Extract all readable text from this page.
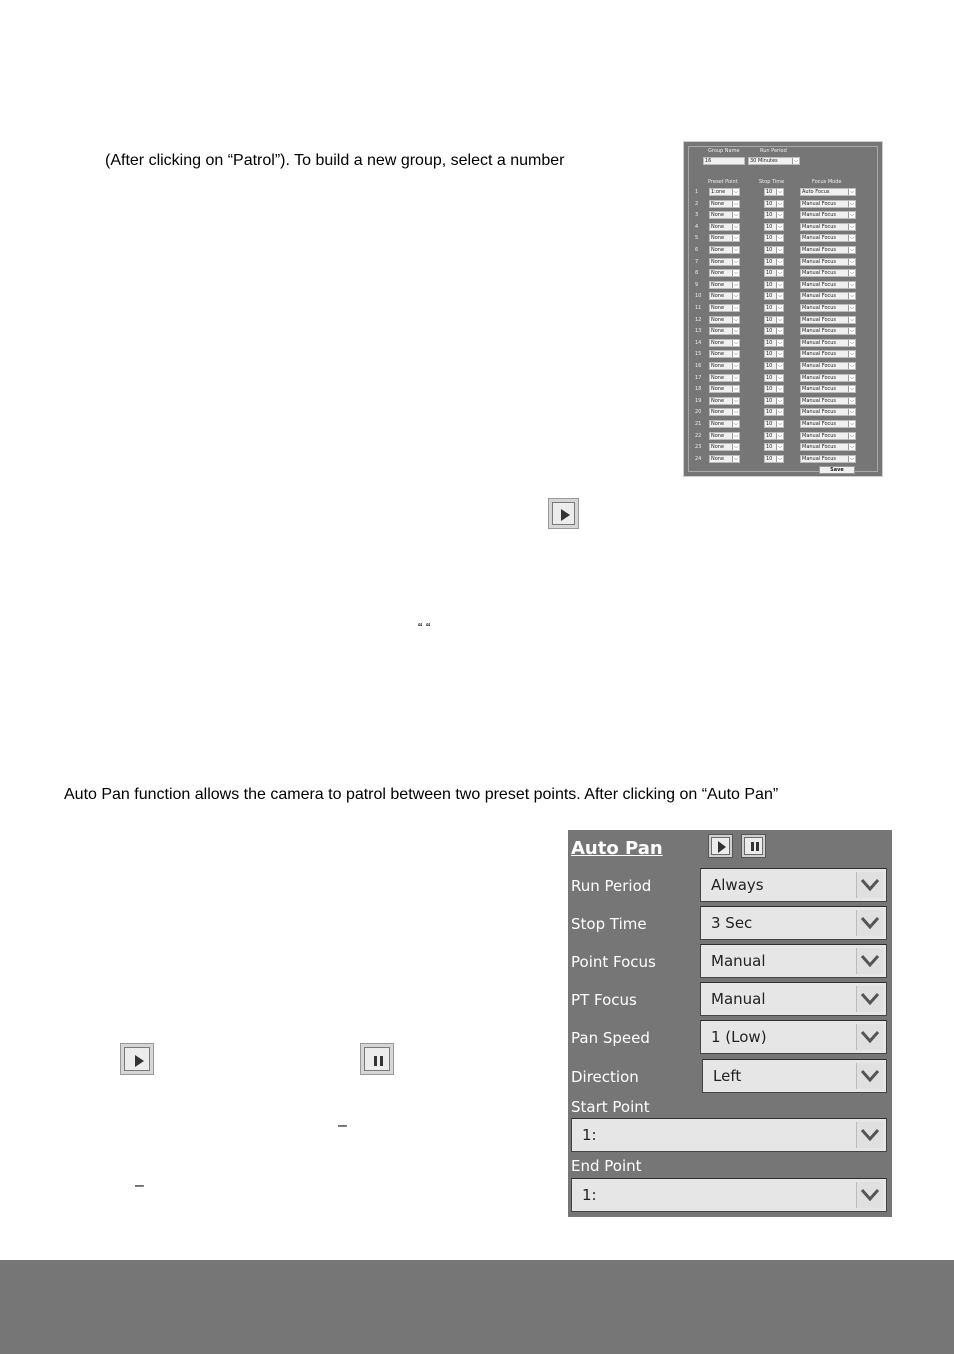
(After clicking on “Patrol”). To build a new group, select a number
“ “
Auto Pan function allows the camera to patrol between two preset points. After clicking on “Auto Pan”
–
–
Group Name	Run Period
16	30 Minutes	⌵
Preset Point	Stop Time	Focus Mode
1	1:one	⌵	10	⌵	Auto Focus	⌵
2	None	⌵	10	⌵	Manual Focus	⌵
3	None	⌵	10	⌵	Manual Focus	⌵
4	None	⌵	10	⌵	Manual Focus	⌵
5	None	⌵	10	⌵	Manual Focus	⌵
6	None	⌵	10	⌵	Manual Focus	⌵
7	None	⌵	10	⌵	Manual Focus	⌵
8	None	⌵	10	⌵	Manual Focus	⌵
9	None	⌵	10	⌵	Manual Focus	⌵
10	None	⌵	10	⌵	Manual Focus	⌵
11	None	⌵	10	⌵	Manual Focus	⌵
12	None	⌵	10	⌵	Manual Focus	⌵
13	None	⌵	10	⌵	Manual Focus	⌵
14	None	⌵	10	⌵	Manual Focus	⌵
15	None	⌵	10	⌵	Manual Focus	⌵
16	None	⌵	10	⌵	Manual Focus	⌵
17	None	⌵	10	⌵	Manual Focus	⌵
18	None	⌵	10	⌵	Manual Focus	⌵
19	None	⌵	10	⌵	Manual Focus	⌵
20	None	⌵	10	⌵	Manual Focus	⌵
21	None	⌵	10	⌵	Manual Focus	⌵
22	None	⌵	10	⌵	Manual Focus	⌵
23	None	⌵	10	⌵	Manual Focus	⌵
24	None	⌵	10	⌵	Manual Focus	⌵
Save
Auto Pan
Run Period	Always
Stop Time	3 Sec
Point Focus	Manual
PT Focus	Manual
Pan Speed	1 (Low)
Direction	Left
Start Point
1:
End Point
1:
